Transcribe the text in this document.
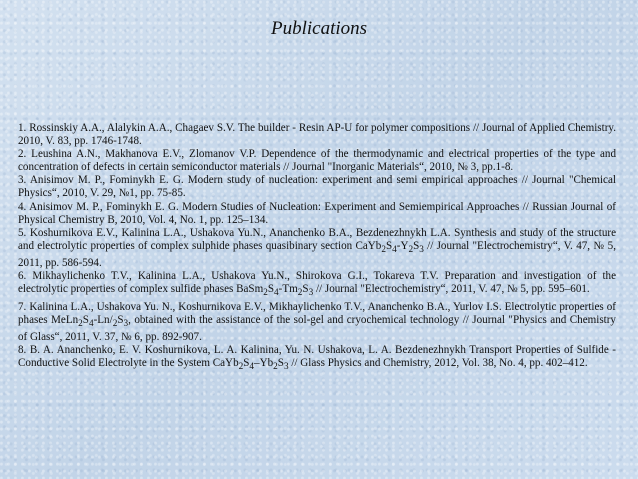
Publications

1. Rossinskiy A.A., Alalykin A.A., Chagaev S.V. The builder - Resin AP-U for polymer compositions // Journal of Applied Chemistry. 2010, V. 83, pp. 1746-1748.

2. Leushina A.N., Makhanova E.V., Zlomanov V.P. Dependence of the thermodynamic and electrical properties of the type and concentration of defects in certain semiconductor materials // Journal "Inorganic Materials“, 2010, № 3, pp.1-8.

3. Anisimov M. P., Fominykh E. G. Modern study of nucleation: experiment and semi empirical approaches // Journal "Chemical Physics“, 2010, V. 29, №1, pp. 75-85.

4. Anisimov M. P., Fominykh E. G. Modern Studies of Nucleation: Experiment and Semiempirical Approaches // Russian Journal of Physical Chemistry B, 2010, Vol. 4, No. 1, pp. 125–134.

5. Koshurnikova E.V., Kalinina L.A., Ushakova Yu.N., Ananchenko B.A., Bezdenezhnykh L.A. Synthesis and study of the structure and electrolytic properties of complex sulphide phases quasibinary section $CaYb_2S_4-Y_2S_3$ // Journal "Electrochemistry“, V. 47, № 5, 2011, pp. 586-594.

6. Mikhaylichenko T.V., Kalinina L.A., Ushakova Yu.N., Shirokova G.I., Tokareva T.V. Preparation and investigation of the electrolytic properties of complex sulfide phases $BaSm_2S_4-Tm_2S_3$ // Journal "Electrochemistry“, 2011, V. 47, № 5, pp. 595–601.

7. Kalinina L.A., Ushakova Yu. N., Koshurnikova E.V., Mikhaylichenko T.V., Ananchenko B.A., Yurlov I.S. Electrolytic properties of phases $MeLn_2S_4-Ln/_2S_3$, obtained with the assistance of the sol-gel and cryochemical technology // Journal "Physics and Chemistry of Glass“, 2011, V. 37, № 6, pp. 892-907.

8. B. A. Ananchenko, E. V. Koshurnikova, L. A. Kalinina, Yu. N. Ushakova, L. A. Bezdenezhnykh Transport Properties of Sulfide - Conductive Solid Electrolyte in the System $CaYb_2S_4-Yb_2S_3$ // Glass Physics and Chemistry, 2012, Vol. 38, No. 4, pp. 402–412.
